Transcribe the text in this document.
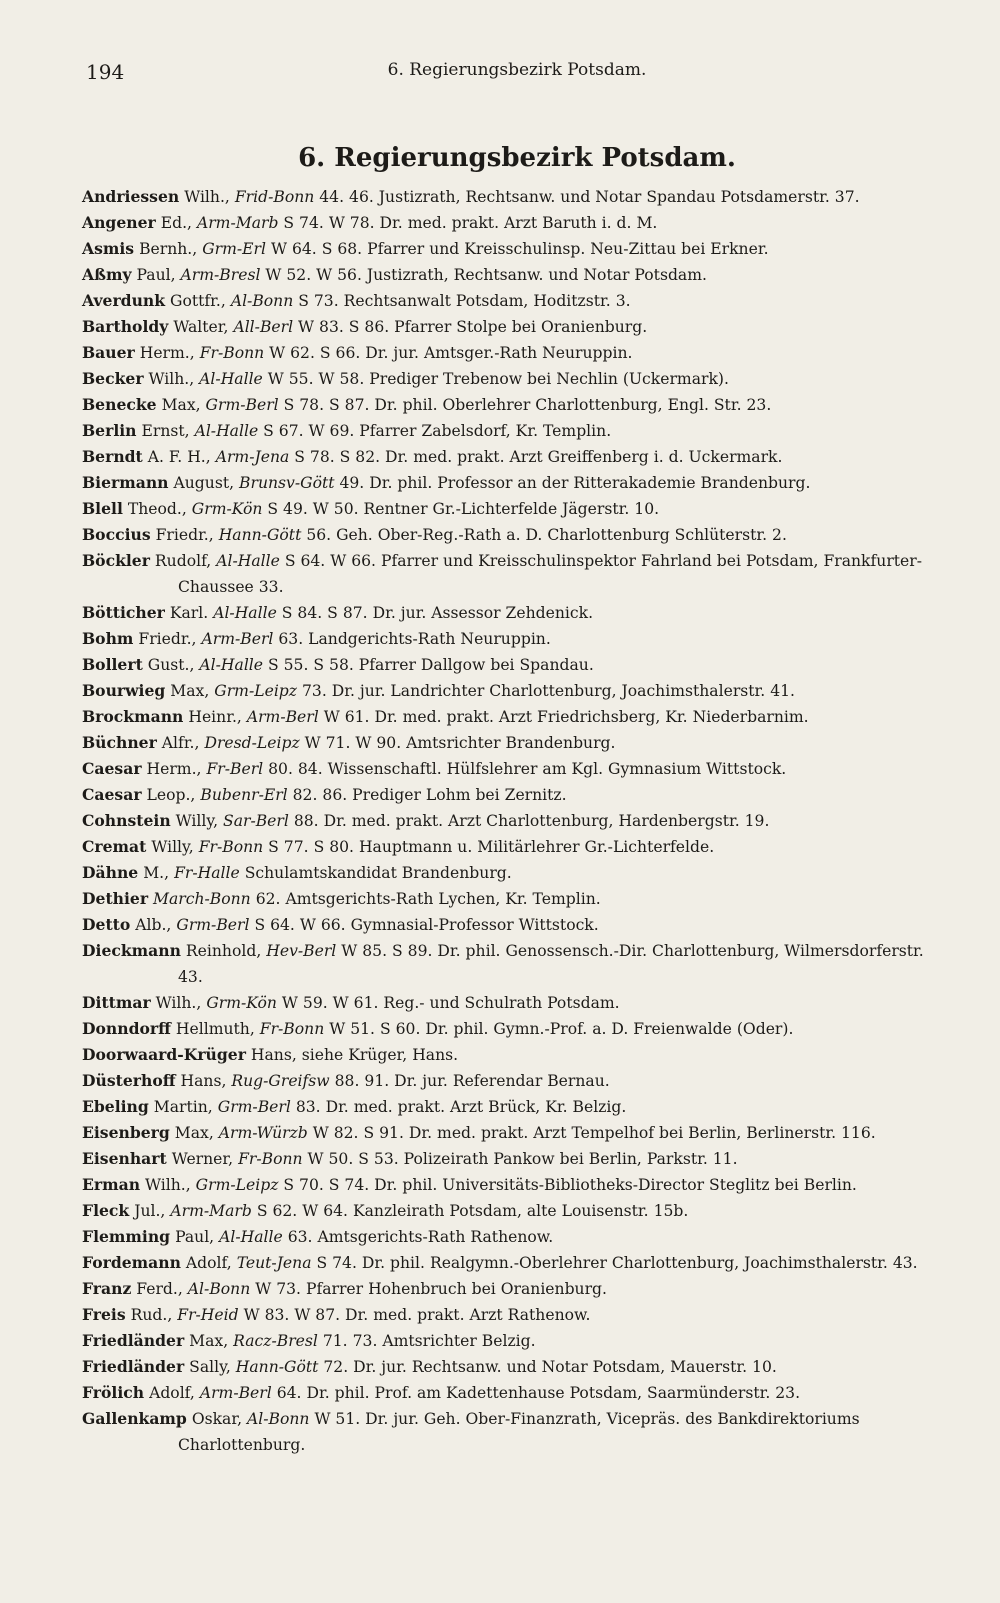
194	6. Regierungsbezirk Potsdam.
6. Regierungsbezirk Potsdam.
Andriessen Wilh., Frid-Bonn 44. 46. Justizrath, Rechtsanw. und Notar Spandau Potsdamerstr. 37.
Angener Ed., Arm-Marb S 74. W 78. Dr. med. prakt. Arzt Baruth i. d. M.
Asmis Bernh., Grm-Erl W 64. S 68. Pfarrer und Kreisschulinsp. Neu-Zittau bei Erkner.
Aßmy Paul, Arm-Bresl W 52. W 56. Justizrath, Rechtsanw. und Notar Potsdam.
Averdunk Gottfr., Al-Bonn S 73. Rechtsanwalt Potsdam, Hoditzstr. 3.
Bartholdy Walter, All-Berl W 83. S 86. Pfarrer Stolpe bei Oranienburg.
Bauer Herm., Fr-Bonn W 62. S 66. Dr. jur. Amtsger.-Rath Neuruppin.
Becker Wilh., Al-Halle W 55. W 58. Prediger Trebenow bei Nechlin (Uckermark).
Benecke Max, Grm-Berl S 78. S 87. Dr. phil. Oberlehrer Charlottenburg, Engl. Str. 23.
Berlin Ernst, Al-Halle S 67. W 69. Pfarrer Zabelsdorf, Kr. Templin.
Berndt A. F. H., Arm-Jena S 78. S 82. Dr. med. prakt. Arzt Greiffenberg i. d. Uckermark.
Biermann August, Brunsv-Gött 49. Dr. phil. Professor an der Ritterakademie Brandenburg.
Blell Theod., Grm-Kön S 49. W 50. Rentner Gr.-Lichterfelde Jägerstr. 10.
Boccius Friedr., Hann-Gött 56. Geh. Ober-Reg.-Rath a. D. Charlottenburg Schlüterstr. 2.
Böckler Rudolf, Al-Halle S 64. W 66. Pfarrer und Kreisschulinspektor Fahrland bei Potsdam, Frankfurter-Chaussee 33.
Bötticher Karl. Al-Halle S 84. S 87. Dr. jur. Assessor Zehdenick.
Bohm Friedr., Arm-Berl 63. Landgerichts-Rath Neuruppin.
Bollert Gust., Al-Halle S 55. S 58. Pfarrer Dallgow bei Spandau.
Bourwieg Max, Grm-Leipz 73. Dr. jur. Landrichter Charlottenburg, Joachimsthalerstr. 41.
Brockmann Heinr., Arm-Berl W 61. Dr. med. prakt. Arzt Friedrichsberg, Kr. Niederbarnim.
Büchner Alfr., Dresd-Leipz W 71. W 90. Amtsrichter Brandenburg.
Caesar Herm., Fr-Berl 80. 84. Wissenschaftl. Hülfslehrer am Kgl. Gymnasium Wittstock.
Caesar Leop., Bubenr-Erl 82. 86. Prediger Lohm bei Zernitz.
Cohnstein Willy, Sar-Berl 88. Dr. med. prakt. Arzt Charlottenburg, Hardenbergstr. 19.
Cremat Willy, Fr-Bonn S 77. S 80. Hauptmann u. Militärlehrer Gr.-Lichterfelde.
Dähne M., Fr-Halle Schulamtskandidat Brandenburg.
Dethier March-Bonn 62. Amtsgerichts-Rath Lychen, Kr. Templin.
Detto Alb., Grm-Berl S 64. W 66. Gymnasial-Professor Wittstock.
Dieckmann Reinhold, Hev-Berl W 85. S 89. Dr. phil. Genossensch.-Dir. Charlottenburg, Wilmersdorferstr. 43.
Dittmar Wilh., Grm-Kön W 59. W 61. Reg.- und Schulrath Potsdam.
Donndorff Hellmuth, Fr-Bonn W 51. S 60. Dr. phil. Gymn.-Prof. a. D. Freienwalde (Oder).
Doorwaard-Krüger Hans, siehe Krüger, Hans.
Düsterhoff Hans, Rug-Greifsw 88. 91. Dr. jur. Referendar Bernau.
Ebeling Martin, Grm-Berl 83. Dr. med. prakt. Arzt Brück, Kr. Belzig.
Eisenberg Max, Arm-Würzb W 82. S 91. Dr. med. prakt. Arzt Tempelhof bei Berlin, Berlinerstr. 116.
Eisenhart Werner, Fr-Bonn W 50. S 53. Polizeirath Pankow bei Berlin, Parkstr. 11.
Erman Wilh., Grm-Leipz S 70. S 74. Dr. phil. Universitäts-Bibliotheks-Director Steglitz bei Berlin.
Fleck Jul., Arm-Marb S 62. W 64. Kanzleirath Potsdam, alte Louisenstr. 15b.
Flemming Paul, Al-Halle 63. Amtsgerichts-Rath Rathenow.
Fordemann Adolf, Teut-Jena S 74. Dr. phil. Realgymn.-Oberlehrer Charlottenburg, Joachimsthalerstr. 43.
Franz Ferd., Al-Bonn W 73. Pfarrer Hohenbruch bei Oranienburg.
Freis Rud., Fr-Heid W 83. W 87. Dr. med. prakt. Arzt Rathenow.
Friedländer Max, Racz-Bresl 71. 73. Amtsrichter Belzig.
Friedländer Sally, Hann-Gött 72. Dr. jur. Rechtsanw. und Notar Potsdam, Mauerstr. 10.
Frölich Adolf, Arm-Berl 64. Dr. phil. Prof. am Kadettenhause Potsdam, Saarmünderstr. 23.
Gallenkamp Oskar, Al-Bonn W 51. Dr. jur. Geh. Ober-Finanzrath, Vicepräs. des Bankdirektoriums Charlottenburg.
